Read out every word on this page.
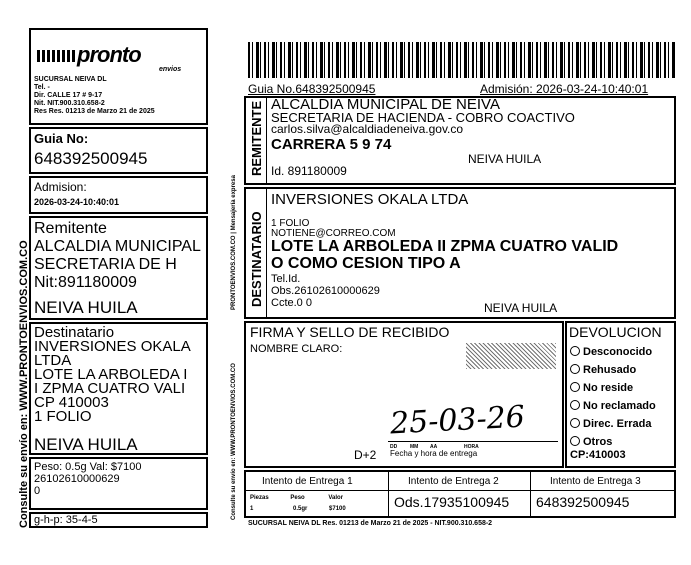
Consulte su envío en: WWW.PRONTOENVIOS.COM.CO
pronto
envios
SUCURSAL NEIVA DL
Tel. -
Dir. CALLE 17 # 9-17
Nit. NIT.900.310.658-2
Res Res. 01213 de Marzo 21 de 2025
Guia No:
648392500945
Admision:
2026-03-24-10:40:01
Remitente
ALCALDIA MUNICIPAL
SECRETARIA DE H
Nit:891180009
NEIVA HUILA
Destinatario
INVERSIONES OKALA
LTDA
LOTE LA ARBOLEDA I
I ZPMA CUATRO VALI
CP 410003
1 FOLIO
NEIVA HUILA
Peso: 0.5g Val: $7100
26102610000629
0
g-h-p: 35-4-5
Guia No.648392500945	Admisión: 2026-03-24-10:40:01
PRONTOENVIOS.COM.CO | Mensajería expresa
REMITENTE ALCALDIA MUNICIPAL DE NEIVA
SECRETARIA DE HACIENDA - COBRO COACTIVO
carlos.silva@alcaldiadeneiva.gov.co
CARRERA 5 9 74
NEIVA HUILA
Id. 891180009
DESTINATARIO
INVERSIONES OKALA LTDA
1 FOLIO
NOTIENE@CORREO.COM
LOTE LA ARBOLEDA II ZPMA CUATRO VALID
O COMO CESION TIPO A
Tel.Id.
Obs.26102610000629
Ccte.0 0	NEIVA HUILA
FIRMA Y SELLO DE RECIBIDO
NOMBRE CLARO:
25-03-26
D+2
DD	MM AA	HORA
Fecha y hora de entrega
DEVOLUCION
Desconocido
Rehusado
No reside
No reclamado
Direc. Errada
Otros
CP:410003
Consulte su envío en: WWW.PRONTOENVIOS.COM.CO	Intento de Entrega 1	Intento de Entrega 2	Intento de Entrega 3
Piezas	Peso	Valor
1	0.5gr	$7100	Ods.17935100945 648392500945
SUCURSAL NEIVA DL Res. 01213 de Marzo 21 de 2025 - NIT.900.310.658-2
